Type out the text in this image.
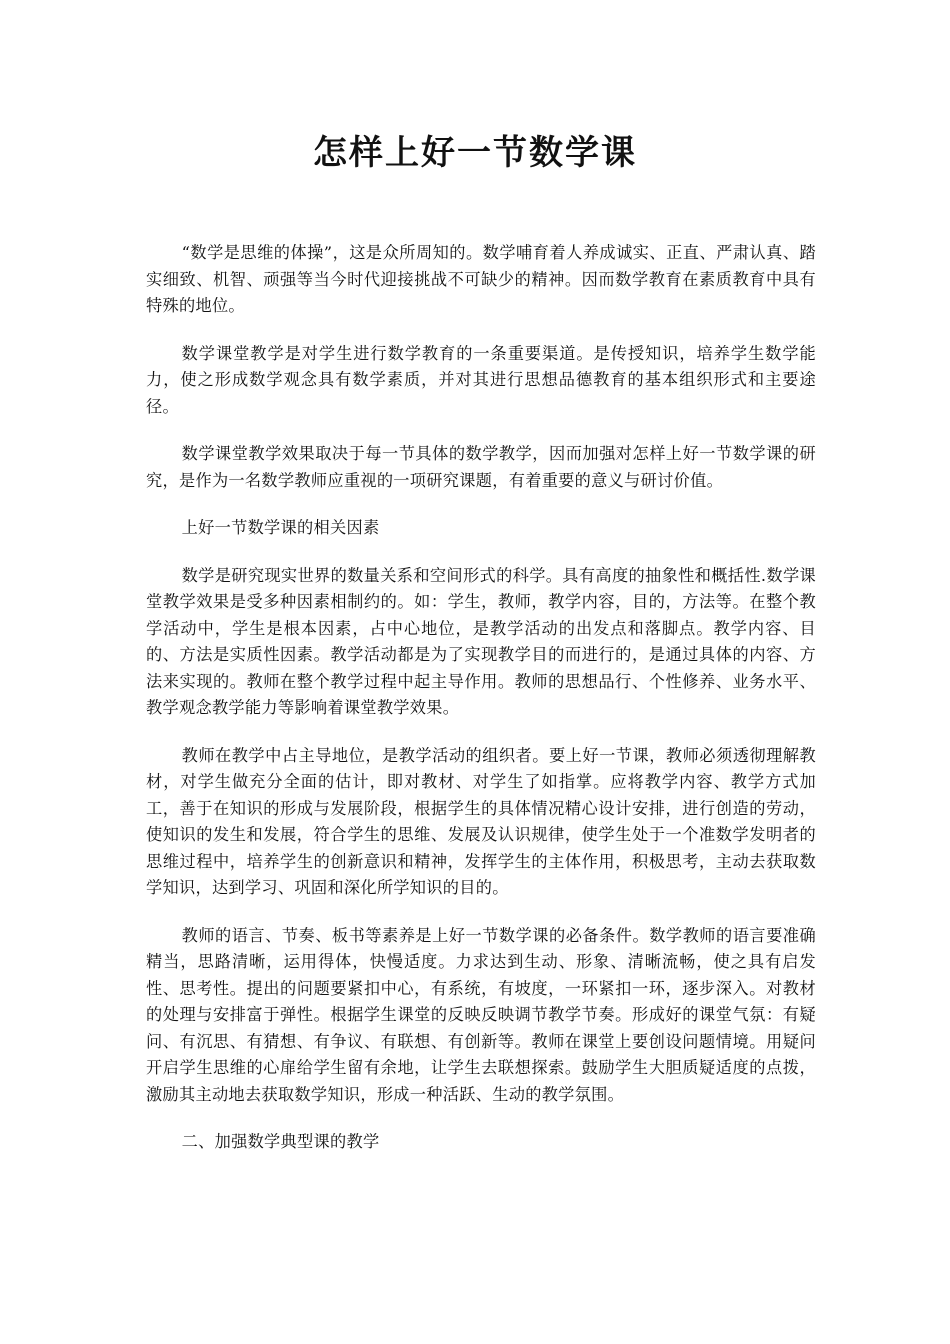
怎样上好一节数学课

“数学是思维的体操”，这是众所周知的。数学哺育着人养成诚实、正直、严肃认真、踏实细致、机智、顽强等当今时代迎接挑战不可缺少的精神。因而数学教育在素质教育中具有特殊的地位。

数学课堂教学是对学生进行数学教育的一条重要渠道。是传授知识，培养学生数学能力，使之形成数学观念具有数学素质，并对其进行思想品德教育的基本组织形式和主要途径。

数学课堂教学效果取决于每一节具体的数学教学，因而加强对怎样上好一节数学课的研究，是作为一名数学教师应重视的一项研究课题，有着重要的意义与研讨价值。

上好一节数学课的相关因素

数学是研究现实世界的数量关系和空间形式的科学。具有高度的抽象性和概括性.数学课堂教学效果是受多种因素相制约的。如：学生，教师，教学内容，目的，方法等。在整个教学活动中，学生是根本因素，占中心地位，是教学活动的出发点和落脚点。教学内容、目的、方法是实质性因素。教学活动都是为了实现教学目的而进行的，是通过具体的内容、方法来实现的。教师在整个教学过程中起主导作用。教师的思想品行、个性修养、业务水平、教学观念教学能力等影响着课堂教学效果。

教师在教学中占主导地位，是教学活动的组织者。要上好一节课，教师必须透彻理解教材，对学生做充分全面的估计，即对教材、对学生了如指掌。应将教学内容、教学方式加工，善于在知识的形成与发展阶段，根据学生的具体情况精心设计安排，进行创造的劳动，使知识的发生和发展，符合学生的思维、发展及认识规律，使学生处于一个准数学发明者的思维过程中，培养学生的创新意识和精神，发挥学生的主体作用，积极思考，主动去获取数学知识，达到学习、巩固和深化所学知识的目的。

教师的语言、节奏、板书等素养是上好一节数学课的必备条件。数学教师的语言要准确精当，思路清晰，运用得体，快慢适度。力求达到生动、形象、清晰流畅，使之具有启发性、思考性。提出的问题要紧扣中心，有系统，有坡度，一环紧扣一环，逐步深入。对教材的处理与安排富于弹性。根据学生课堂的反映反映调节教学节奏。形成好的课堂气氛：有疑问、有沉思、有猜想、有争议、有联想、有创新等。教师在课堂上要创设问题情境。用疑问开启学生思维的心扉给学生留有余地，让学生去联想探索。鼓励学生大胆质疑适度的点拨，激励其主动地去获取数学知识，形成一种活跃、生动的教学氛围。

二、加强数学典型课的教学
